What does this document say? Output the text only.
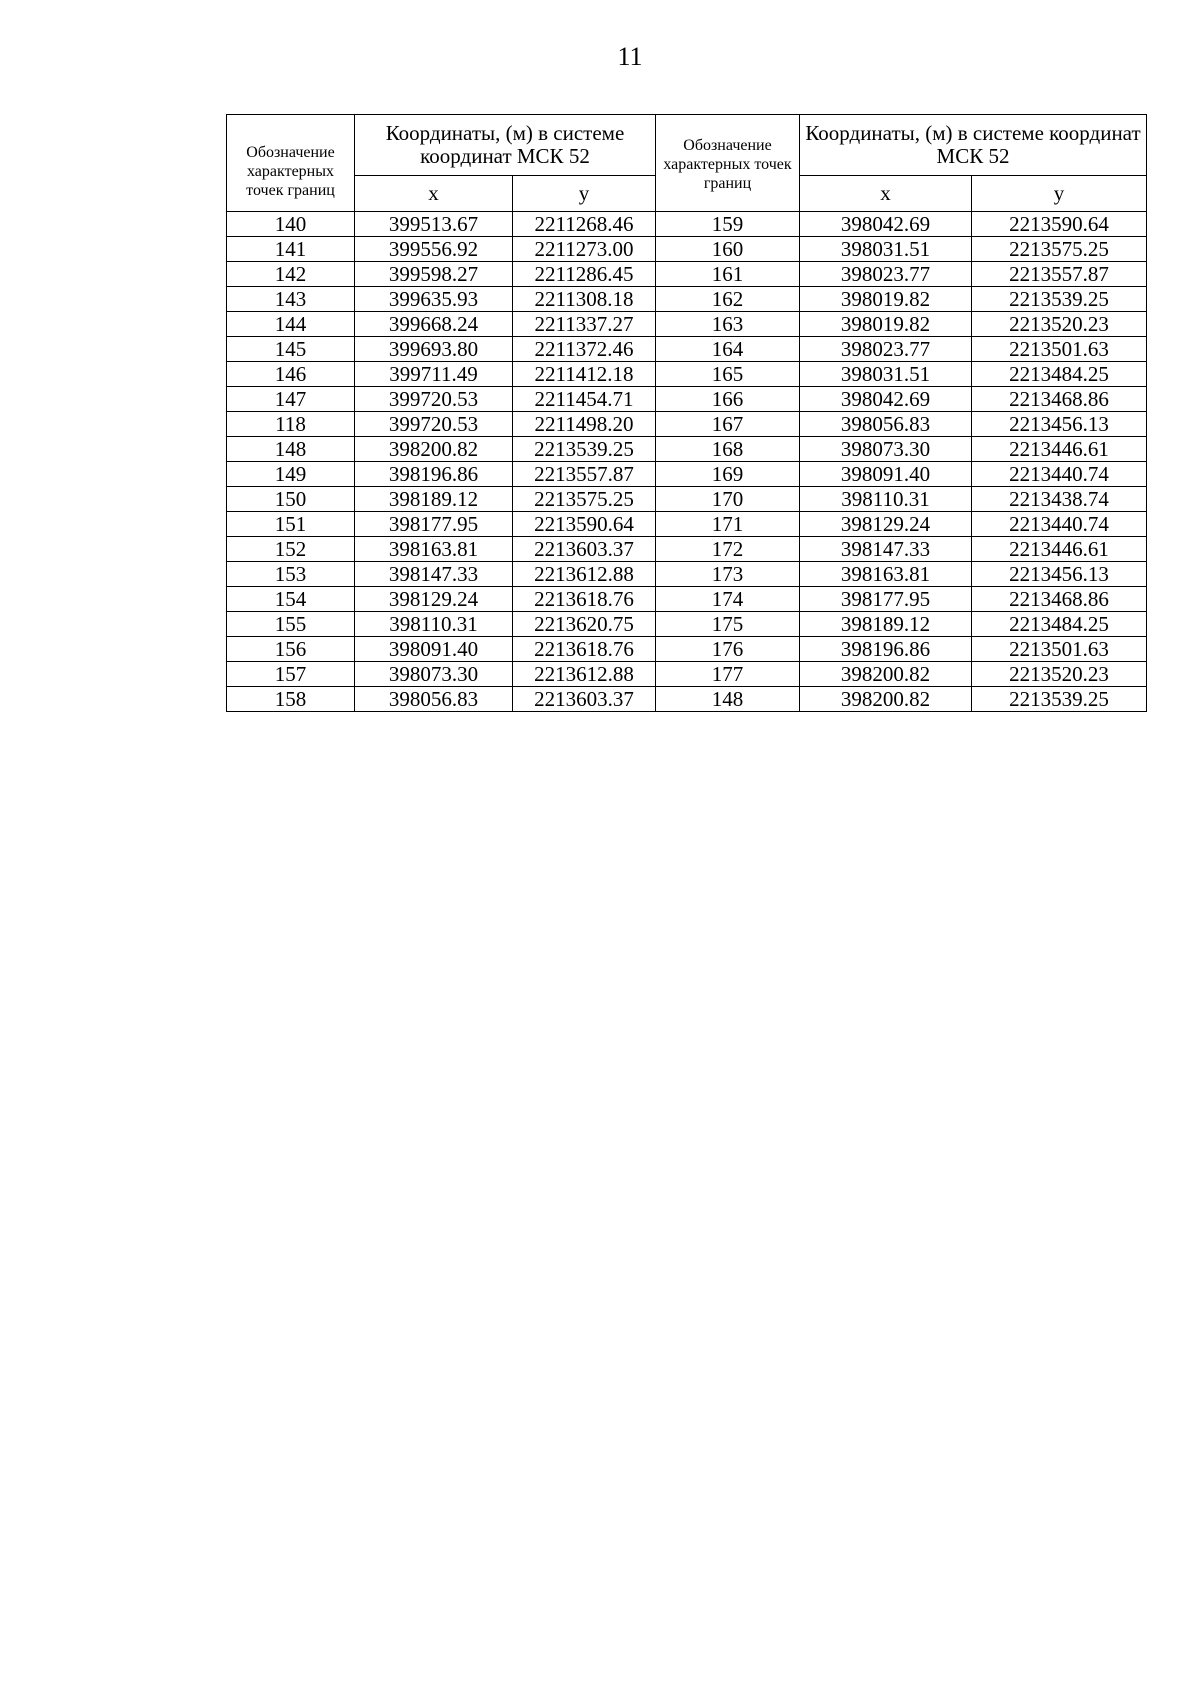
11
Обозначение характерных точек границ	Координаты, (м) в системе координат МСК 52		Обозначение характерных точек границ	Координаты, (м) в системе координат МСК 52	
	x	y		x	y
140	399513.67	2211268.46	159	398042.69	2213590.64
141	399556.92	2211273.00	160	398031.51	2213575.25
142	399598.27	2211286.45	161	398023.77	2213557.87
143	399635.93	2211308.18	162	398019.82	2213539.25
144	399668.24	2211337.27	163	398019.82	2213520.23
145	399693.80	2211372.46	164	398023.77	2213501.63
146	399711.49	2211412.18	165	398031.51	2213484.25
147	399720.53	2211454.71	166	398042.69	2213468.86
118	399720.53	2211498.20	167	398056.83	2213456.13
148	398200.82	2213539.25	168	398073.30	2213446.61
149	398196.86	2213557.87	169	398091.40	2213440.74
150	398189.12	2213575.25	170	398110.31	2213438.74
151	398177.95	2213590.64	171	398129.24	2213440.74
152	398163.81	2213603.37	172	398147.33	2213446.61
153	398147.33	2213612.88	173	398163.81	2213456.13
154	398129.24	2213618.76	174	398177.95	2213468.86
155	398110.31	2213620.75	175	398189.12	2213484.25
156	398091.40	2213618.76	176	398196.86	2213501.63
157	398073.30	2213612.88	177	398200.82	2213520.23
158	398056.83	2213603.37	148	398200.82	2213539.25
